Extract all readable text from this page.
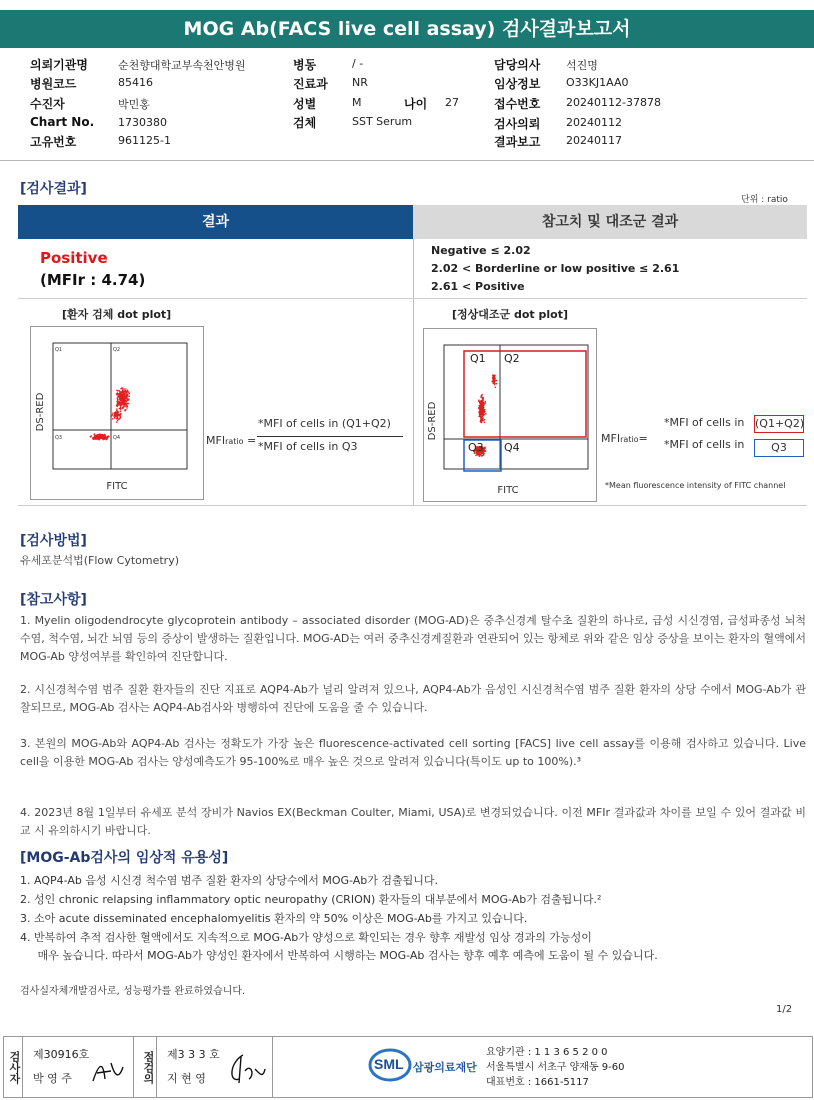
MOG Ab(FACS live cell assay) 검사결과보고서
의뢰기관명	순천향대학교부속천안병원
병원코드	85416
수진자	박민홍
Chart No. 1730380
고유번호	961125-1
병동	/ -
진료과 NR
성별	M
검체	SST Serum
나이 27
담당의사 석진명
임상정보 O33KJ1AA0
접수번호 20240112-37878
검사의뢰 20240112
결과보고 20240117
[검사결과]
단위 : ratio
결과	참고치 및 대조군 결과
Positive
(MFIr : 4.74)
Negative ≤ 2.02
2.02 < Borderline or low positive ≤ 2.61
2.61 < Positive
[환자 검체 dot plot]	[정상대조군 dot plot]
Q1	Q2
Q3	Q4
FITC
DS-RED
MFIratio =
*MFI of cells in (Q1+Q2)
*MFI of cells in Q3
Q1 Q2
Q3 Q4
FITC
DS-RED	MFIratio=
*MFI of cells in (Q1+Q2)
*MFI of cells in	Q3
*Mean fluorescence intensity of FITC channel
[검사방법]
유세포분석법(Flow Cytometry)
[참고사항]
1. Myelin oligodendrocyte glycoprotein antibody – associated disorder (MOG-AD)은 중추신경계 탈수초 질환의 하나로, 급성 시신경염, 급성파종성 뇌척수염, 척수염, 뇌간 뇌염 등의 증상이 발생하는 질환입니다. MOG-AD는 여러 중추신경계질환과 연관되어 있는 항체로 위와 같은 임상 증상을 보이는 환자의 혈액에서 MOG-Ab 양성여부를 확인하여 진단합니다.
2. 시신경척수염 범주 질환 환자들의 진단 지표로 AQP4-Ab가 널리 알려져 있으나, AQP4-Ab가 음성인 시신경척수염 범주 질환 환자의 상당 수에서 MOG-Ab가 관찰되므로, MOG-Ab 검사는 AQP4-Ab검사와 병행하여 진단에 도움을 줄 수 있습니다.
3. 본원의 MOG-Ab와 AQP4-Ab 검사는 정확도가 가장 높은 fluorescence-activated cell sorting [FACS] live cell assay를 이용해 검사하고 있습니다. Live cell을 이용한 MOG-Ab 검사는 양성예측도가 95-100%로 매우 높은 것으로 알려져 있습니다(특이도 up to 100%).³
4. 2023년 8월 1일부터 유세포 분석 장비가 Navios EX(Beckman Coulter, Miami, USA)로 변경되었습니다. 이전 MFIr 결과값과 차이를 보일 수 있어 결과값 비교 시 유의하시기 바랍니다.
[MOG-Ab검사의 임상적 유용성]
1. AQP4-Ab 음성 시신경 척수염 범주 질환 환자의 상당수에서 MOG-Ab가 검출됩니다.
2. 성인 chronic relapsing inflammatory optic neuropathy (CRION) 환자들의 대부분에서 MOG-Ab가 검출됩니다.²
3. 소아 acute disseminated encephalomyelitis 환자의 약 50% 이상은 MOG-Ab를 가지고 있습니다.
4. 반복하여 추적 검사한 혈액에서도 지속적으로 MOG-Ab가 양성으로 확인되는 경우 향후 재발성 임상 경과의 가능성이
매우 높습니다. 따라서 MOG-Ab가 양성인 환자에서 반복하여 시행하는 MOG-Ab 검사는 향후 예후 예측에 도움이 될 수 있습니다.
검사실자체개발검사로, 성능평가를 완료하였습니다.
1/2
검사자 제30916호
박 영 주	점검의 제3 3 3 호
지 현 영
SML 삼광의료재단
요양기관 : 1 1 3 6 5 2 0 0
서울특별시 서초구 양재동 9-60
대표번호 : 1661-5117
